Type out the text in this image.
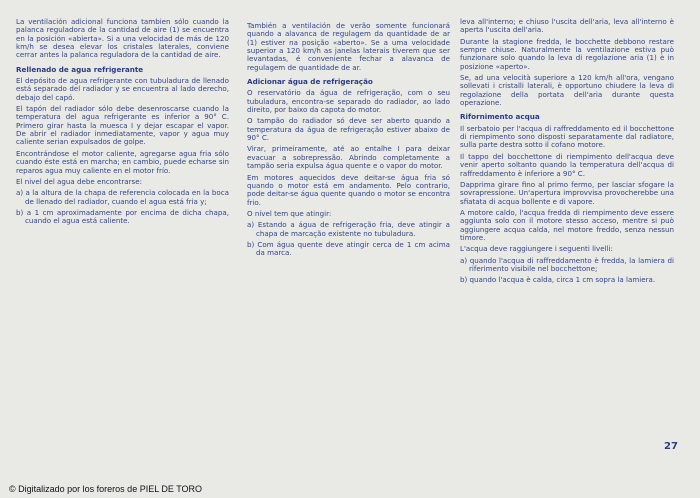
La ventilación adicional funciona tambien sólo cuando la palanca reguladora de la cantidad de aire (1) se encuentra en la posición «abierta». Si a una velocidad de más de 120 km/h se desea elevar los cristales laterales, conviene cerrar antes la palanca reguladora de la cantidad de aire.

Rellenado de agua refrigerante

El depósito de agua refrigerante con tubuladura de llenado está separado del radiador y se encuentra al lado derecho, debajo del capó.

El tapón del radiador sólo debe desenroscarse cuando la temperatura del agua refrigerante es inferior a 90° C. Primero girar hasta la muesca I y dejar escapar el vapor. De abrir el radiador inmediatamente, vapor y agua muy caliente serian expulsados de golpe.

Encontrándose el motor caliente, agregarse agua fria sólo cuando éste está en marcha; en cambio, puede echarse sin reparos agua muy caliente en el motor frío.

El nivel del agua debe encontrarse:

a) a la altura de la chapa de referencia colocada en la boca de llenado del radiador, cuando el agua está fria y;
b) a 1 cm aproximadamente por encima de dicha chapa, cuando el agua está caliente.

También a ventilación de verão somente funcionará quando a alavanca de regulagem da quantidade de ar (1) estiver na posição «aberto». Se a uma velocidade superior a 120 km/h as janelas laterais tiverem que ser levantadas, é conveniente fechar a alavanca de regulagem de quantidade de ar.

Adicionar água de refrigeração

O reservatório da água de refrigeração, com o seu tubuladura, encontra-se separado do radiador, ao lado direito, por baixo da capota do motor.

O tampão do radiador só deve ser aberto quando a temperatura da água de refrigeração estiver abaixo de 90° C.

Virar, primeiramente, até ao entalhe I para deixar evacuar a sobrepressão. Abrindo completamente a tampão seria expulsa água quente e o vapor do motor.

Em motores aquecidos deve deitar-se água fria só quando o motor está em andamento. Pelo contrario, pode deitar-se água quente quando o motor se encontra frio.

O nível tem que atingir:

a) Estando a água de refrigeração fria, deve atingir a chapa de marcação existente no tubuladura.
b) Com água quente deve atingir cerca de 1 cm acima da marca.

leva all'interno; e chiuso l'uscita dell'aria, leva all'interno è aperta l'uscita dell'aria.

Durante la stagione fredda, le bocchette debbono restare sempre chiuse. Naturalmente la ventilazione estiva può funzionare solo quando la leva di regolazione aria (1) è in posizione «aperto».

Se, ad una velocità superiore a 120 km/h all'ora, vengano sollevati i cristalli laterali, è opportuno chiudere la leva di regolazione della portata dell'aria durante questa operazione.

Rifornimento acqua

Il serbatoio per l'acqua di raffreddamento ed il bocchettone di riempimento sono disposti separatamente dal radiatore, sulla parte destra sotto il cofano motore.

Il tappo del bocchettone di riempimento dell'acqua deve venir aperto soltanto quando la temperatura dell'acqua di raffreddamento è inferiore a 90° C.

Dapprima girare fino al primo fermo, per lasciar sfogare la sovrapressione. Un'apertura improvvisa provocherebbe una sfiatata di acqua bollente e di vapore.

A motore caldo, l'acqua fredda di riempimento deve essere aggiunta solo con il motore stesso acceso, mentre si può aggiungere acqua calda, nel motore freddo, senza nessun timore.

L'acqua deve raggiungere i seguenti livelli:

a) quando l'acqua di raffreddamento è fredda, la lamiera di riferimento visibile nel bocchettone;
b) quando l'acqua è calda, circa 1 cm sopra la lamiera.
27
© Digitalizado por los foreros de PIEL DE TORO
